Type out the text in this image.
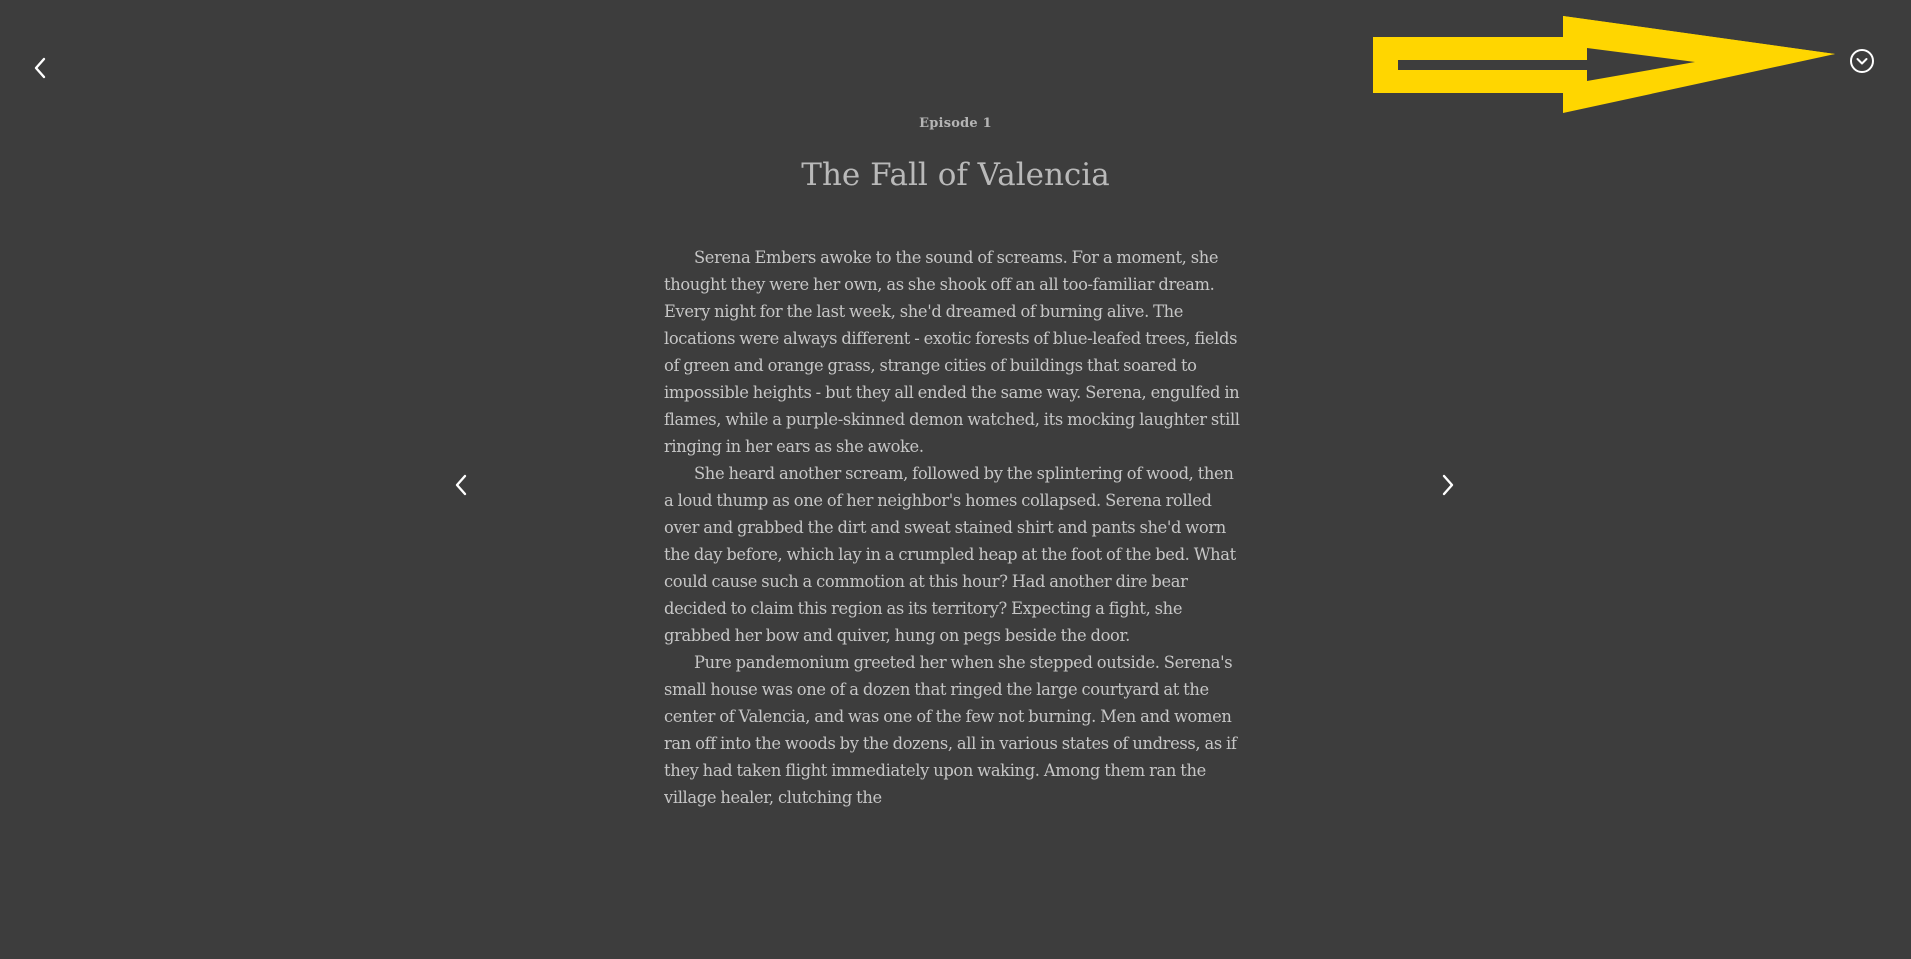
Episode 1
The Fall of Valencia

Serena Embers awoke to the sound of screams. For a moment, she thought they were her own, as she shook off an all too-familiar dream. Every night for the last week, she'd dreamed of burning alive. The locations were always different - exotic forests of blue-leafed trees, fields of green and orange grass, strange cities of buildings that soared to impossible heights - but they all ended the same way. Serena, engulfed in flames, while a purple-skinned demon watched, its mocking laughter still ringing in her ears as she awoke.

She heard another scream, followed by the splintering of wood, then a loud thump as one of her neighbor's homes collapsed. Serena rolled over and grabbed the dirt and sweat stained shirt and pants she'd worn the day before, which lay in a crumpled heap at the foot of the bed. What could cause such a commotion at this hour? Had another dire bear decided to claim this region as its territory? Expecting a fight, she grabbed her bow and quiver, hung on pegs beside the door.

Pure pandemonium greeted her when she stepped outside. Serena's small house was one of a dozen that ringed the large courtyard at the center of Valencia, and was one of the few not burning. Men and women ran off into the woods by the dozens, all in various states of undress, as if they had taken flight immediately upon waking. Among them ran the village healer, clutching the
